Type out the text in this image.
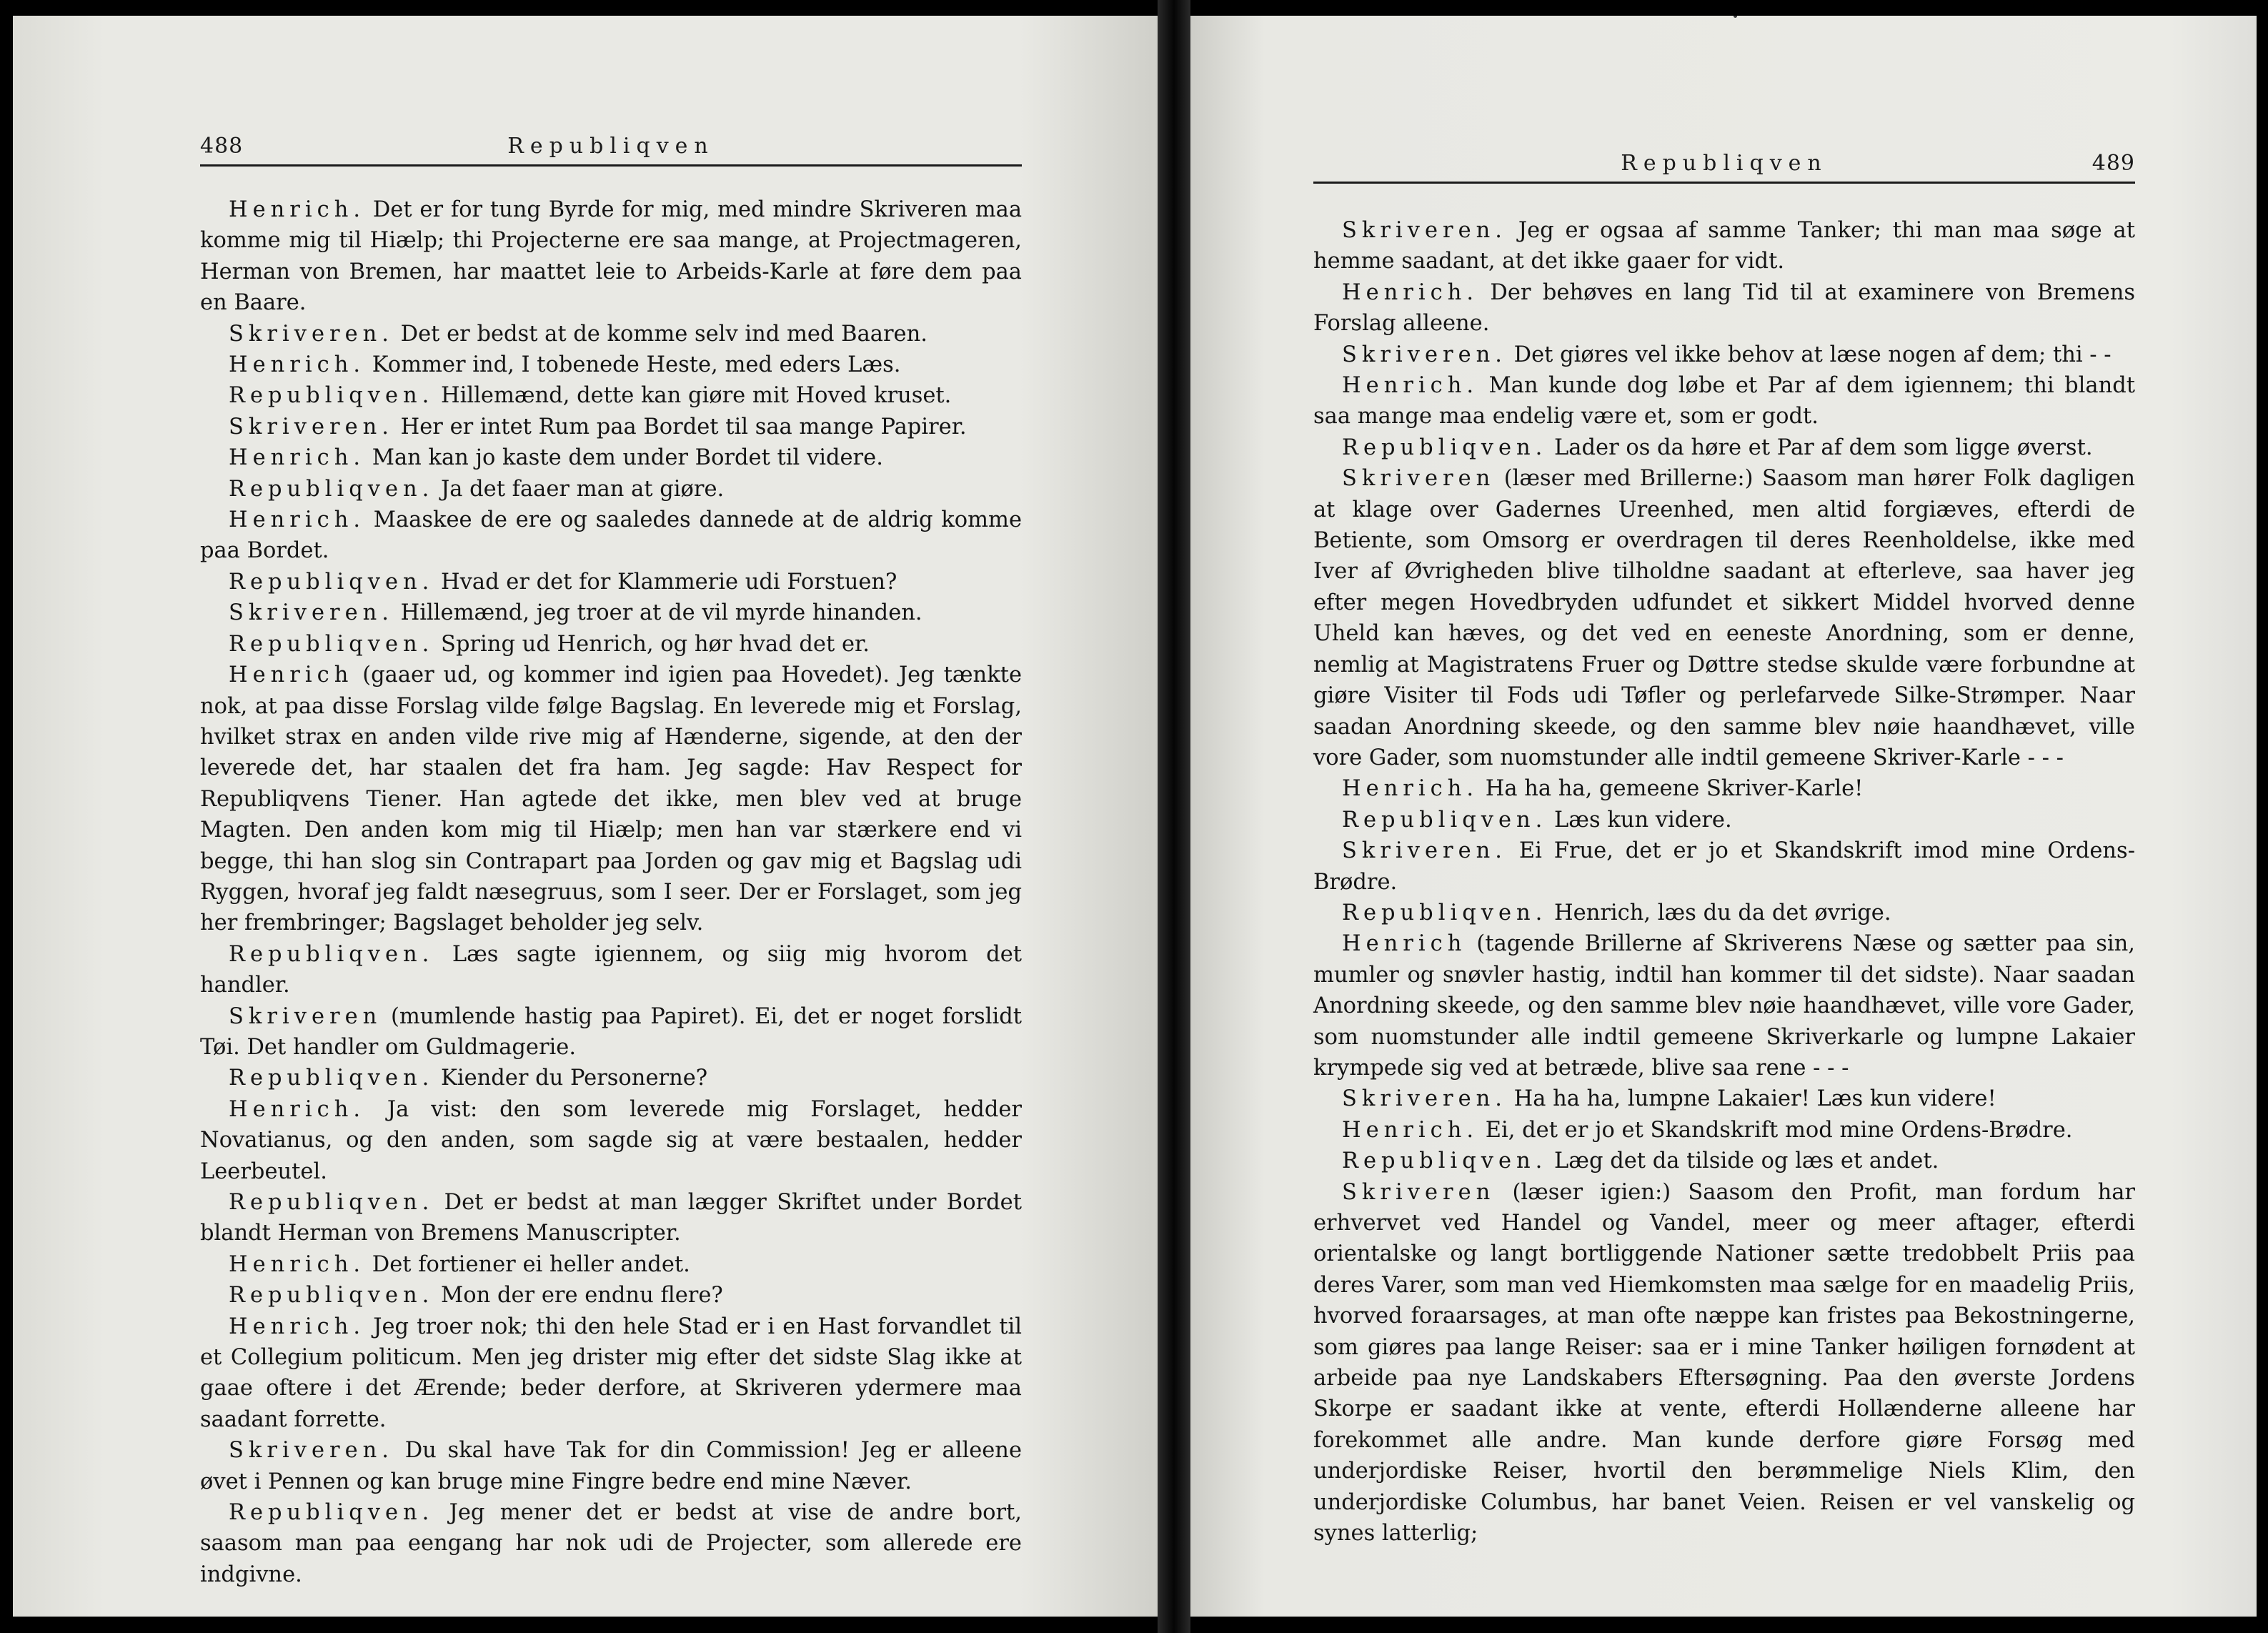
488	Republiqven

Henrich. Det er for tung Byrde for mig, med mindre Skriveren maa komme mig til Hiælp; thi Projecterne ere saa mange, at Projectmageren, Herman von Bremen, har maattet leie to Arbeids-Karle at føre dem paa en Baare.

Skriveren. Det er bedst at de komme selv ind med Baaren.

Henrich. Kommer ind, I tobenede Heste, med eders Læs.

Republiqven. Hillemænd, dette kan giøre mit Hoved kruset.

Skriveren. Her er intet Rum paa Bordet til saa mange Papirer.

Henrich. Man kan jo kaste dem under Bordet til videre.

Republiqven. Ja det faaer man at giøre.

Henrich. Maaskee de ere og saaledes dannede at de aldrig komme paa Bordet.

Republiqven. Hvad er det for Klammerie udi Forstuen?

Skriveren. Hillemænd, jeg troer at de vil myrde hinanden.

Republiqven. Spring ud Henrich, og hør hvad det er.

Henrich (gaaer ud, og kommer ind igien paa Hovedet). Jeg tænkte nok, at paa disse Forslag vilde følge Bagslag. En leverede mig et Forslag, hvilket strax en anden vilde rive mig af Hænderne, sigende, at den der leverede det, har staalen det fra ham. Jeg sagde: Hav Respect for Republiqvens Tiener. Han agtede det ikke, men blev ved at bruge Magten. Den anden kom mig til Hiælp; men han var stærkere end vi begge, thi han slog sin Contrapart paa Jorden og gav mig et Bagslag udi Ryggen, hvoraf jeg faldt næsegruus, som I seer. Der er Forslaget, som jeg her frembringer; Bagslaget beholder jeg selv.

Republiqven. Læs sagte igiennem, og siig mig hvorom det handler.

Skriveren (mumlende hastig paa Papiret). Ei, det er noget forslidt Tøi. Det handler om Guldmagerie.

Republiqven. Kiender du Personerne?

Henrich. Ja vist: den som leverede mig Forslaget, hedder Novatianus, og den anden, som sagde sig at være bestaalen, hedder Leerbeutel.

Republiqven. Det er bedst at man lægger Skriftet under Bordet blandt Herman von Bremens Manuscripter.

Henrich. Det fortiener ei heller andet.

Republiqven. Mon der ere endnu flere?

Henrich. Jeg troer nok; thi den hele Stad er i en Hast forvandlet til et Collegium politicum. Men jeg drister mig efter det sidste Slag ikke at gaae oftere i det Ærende; beder derfore, at Skriveren ydermere maa saadant forrette.

Skriveren. Du skal have Tak for din Commission! Jeg er alleene øvet i Pennen og kan bruge mine Fingre bedre end mine Næver.

Republiqven. Jeg mener det er bedst at vise de andre bort, saasom man paa eengang har nok udi de Projecter, som allerede ere indgivne.

Republiqven	489

Skriveren. Jeg er ogsaa af samme Tanker; thi man maa søge at hemme saadant, at det ikke gaaer for vidt.

Henrich. Der behøves en lang Tid til at examinere von Bremens Forslag alleene.

Skriveren. Det giøres vel ikke behov at læse nogen af dem; thi - -

Henrich. Man kunde dog løbe et Par af dem igiennem; thi blandt saa mange maa endelig være et, som er godt.

Republiqven. Lader os da høre et Par af dem som ligge øverst.

Skriveren (læser med Brillerne:) Saasom man hører Folk dagligen at klage over Gadernes Ureenhed, men altid forgiæves, efterdi de Betiente, som Omsorg er overdragen til deres Reenholdelse, ikke med Iver af Øvrigheden blive tilholdne saadant at efterleve, saa haver jeg efter megen Hovedbryden udfundet et sikkert Middel hvorved denne Uheld kan hæves, og det ved en eeneste Anordning, som er denne, nemlig at Magistratens Fruer og Døttre stedse skulde være forbundne at giøre Visiter til Fods udi Tøfler og perlefarvede Silke-Strømper. Naar saadan Anordning skeede, og den samme blev nøie haandhævet, ville vore Gader, som nuomstunder alle indtil gemeene Skriver-Karle - - -

Henrich. Ha ha ha, gemeene Skriver-Karle!

Republiqven. Læs kun videre.

Skriveren. Ei Frue, det er jo et Skandskrift imod mine Ordens-Brødre.

Republiqven. Henrich, læs du da det øvrige.

Henrich (tagende Brillerne af Skriverens Næse og sætter paa sin, mumler og snøvler hastig, indtil han kommer til det sidste). Naar saadan Anordning skeede, og den samme blev nøie haandhævet, ville vore Gader, som nuomstunder alle indtil gemeene Skriverkarle og lumpne Lakaier krympede sig ved at betræde, blive saa rene - - -

Skriveren. Ha ha ha, lumpne Lakaier! Læs kun videre!

Henrich. Ei, det er jo et Skandskrift mod mine Ordens-Brødre.

Republiqven. Læg det da tilside og læs et andet.

Skriveren (læser igien:) Saasom den Profit, man fordum har erhvervet ved Handel og Vandel, meer og meer aftager, efterdi orientalske og langt bortliggende Nationer sætte tredobbelt Priis paa deres Varer, som man ved Hiemkomsten maa sælge for en maadelig Priis, hvorved foraarsages, at man ofte næppe kan fristes paa Bekostningerne, som giøres paa lange Reiser: saa er i mine Tanker høiligen fornødent at arbeide paa nye Landskabers Eftersøgning. Paa den øverste Jordens Skorpe er saadant ikke at vente, efterdi Hollænderne alleene har forekommet alle andre. Man kunde derfore giøre Forsøg med underjordiske Reiser, hvortil den berømmelige Niels Klim, den underjordiske Columbus, har banet Veien. Reisen er vel vanskelig og synes latterlig;
